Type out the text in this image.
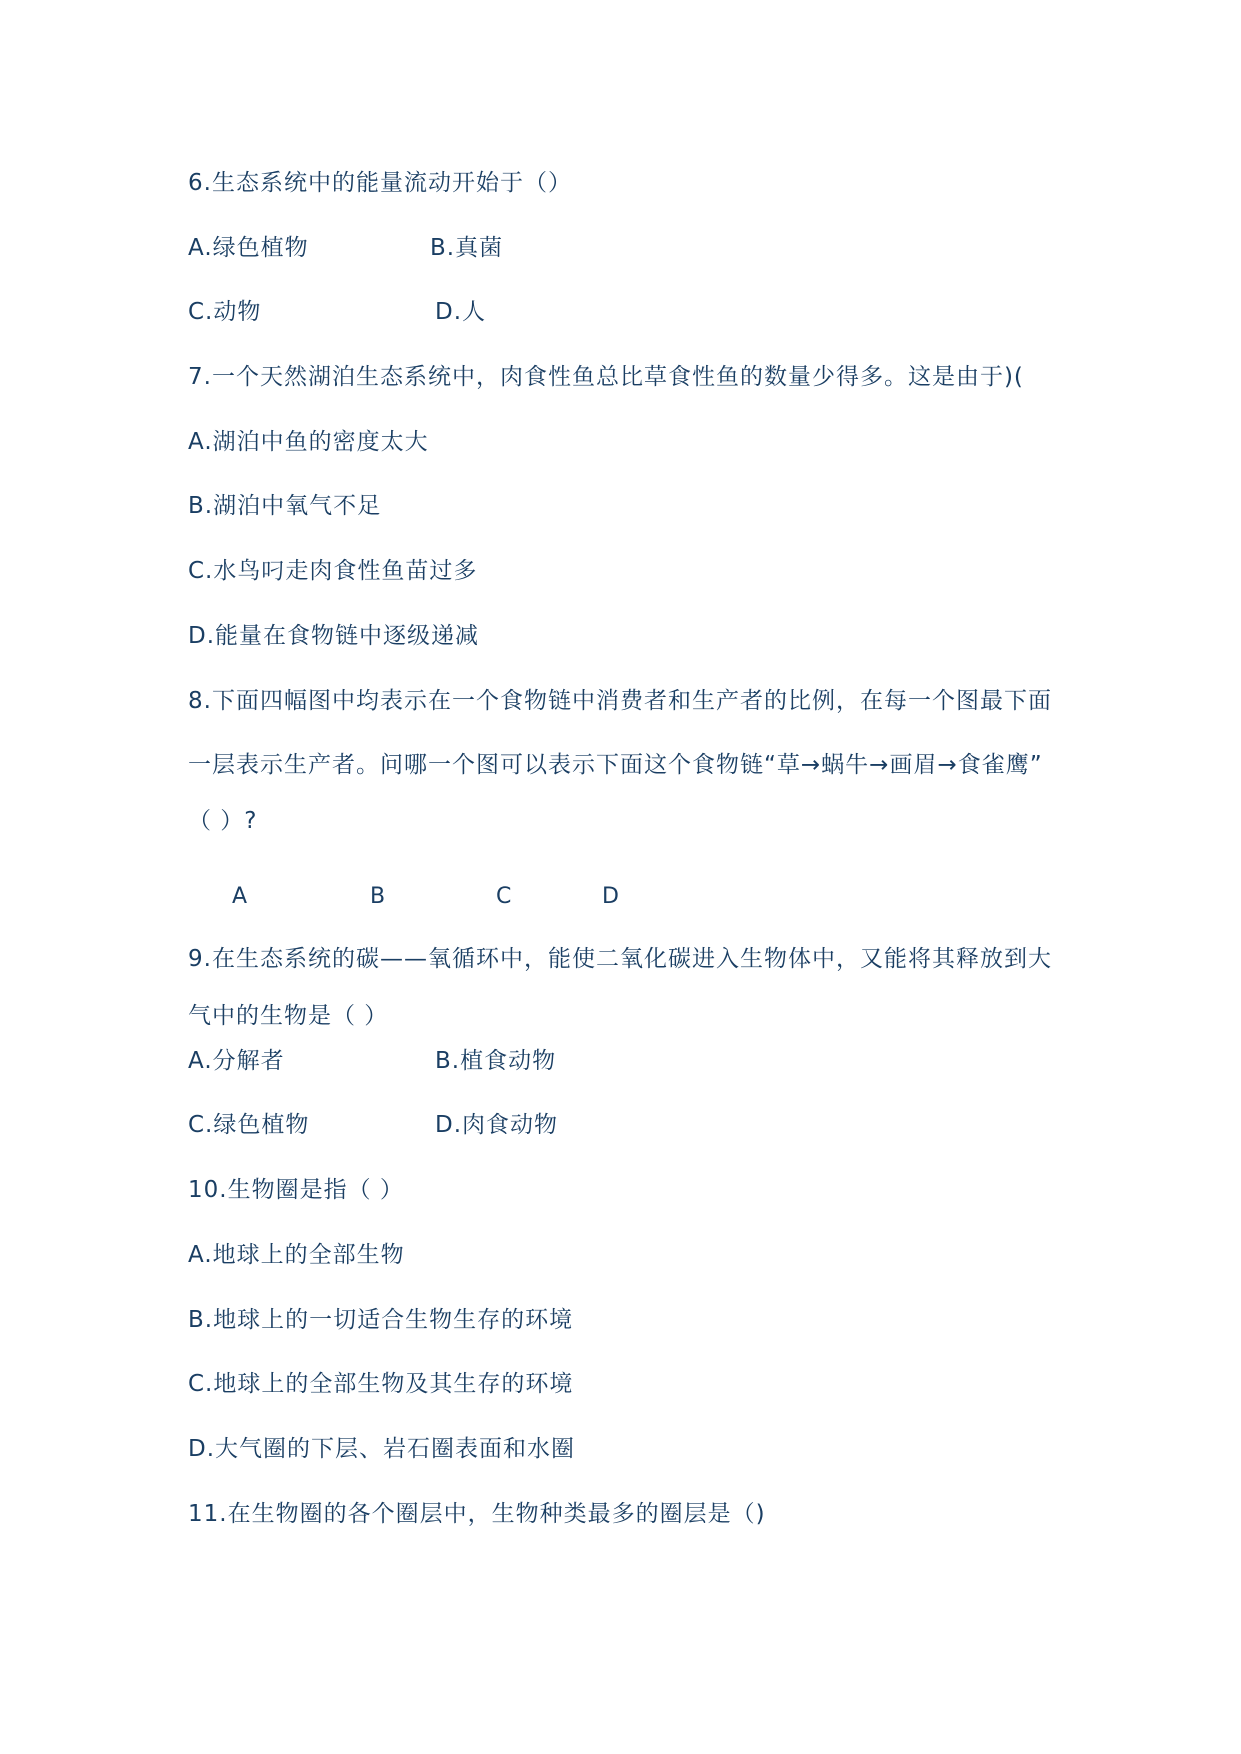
6.生态系统中的能量流动开始于（）
A.绿色植物	B.真菌
C.动物	D.人
7.一个天然湖泊生态系统中，肉食性鱼总比草食性鱼的数量少得多。这是由于)(
A.湖泊中鱼的密度太大
B.湖泊中氧气不足
C.水鸟叼走肉食性鱼苗过多
D.能量在食物链中逐级递减
8.下面四幅图中均表示在一个食物链中消费者和生产者的比例，在每一个图最下面
一层表示生产者。问哪一个图可以表示下面这个食物链“草→蜗牛→画眉→食雀鹰”
（ ）?
A	B	C	D
9.在生态系统的碳——氧循环中，能使二氧化碳进入生物体中，又能将其释放到大
气中的生物是（ ）
A.分解者	B.植食动物
C.绿色植物	D.肉食动物
10.生物圈是指（ ）
A.地球上的全部生物
B.地球上的一切适合生物生存的环境
C.地球上的全部生物及其生存的环境
D.大气圈的下层、岩石圈表面和水圈
11.在生物圈的各个圈层中，生物种类最多的圈层是（)
